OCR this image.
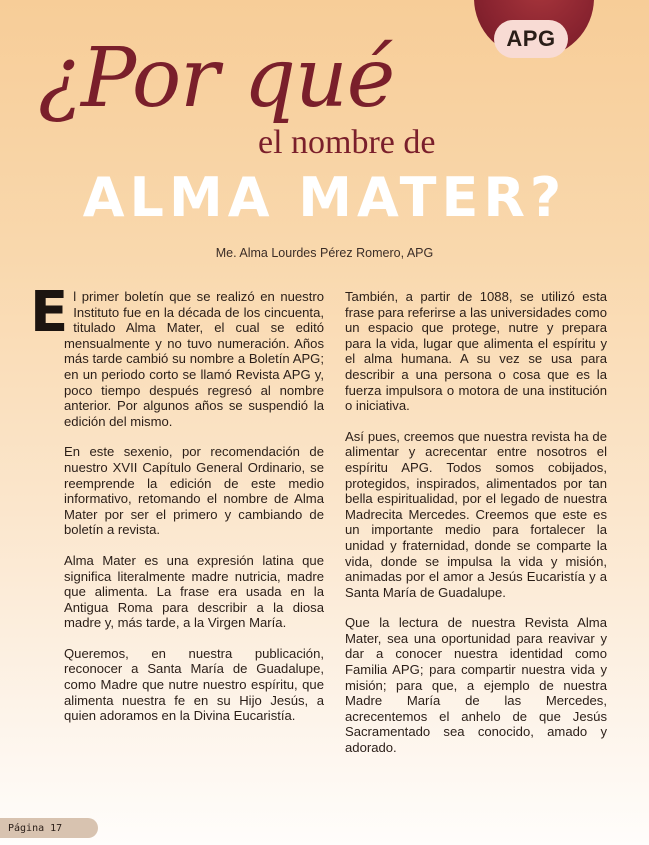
APG
¿Por qué
el nombre de
ALMA MATER?
Me. Alma Lourdes Pérez Romero, APG

El primer boletín que se realizó en nuestro Instituto fue en la década de los cincuenta, titulado Alma Mater, el cual se editó mensualmente y no tuvo numeración. Años más tarde cambió su nombre a Boletín APG; en un periodo corto se llamó Revista APG y, poco tiempo después regresó al nombre anterior. Por algunos años se suspendió la edición del mismo.

En este sexenio, por recomendación de nuestro XVII Capítulo General Ordinario, se reemprende la edición de este medio informativo, retomando el nombre de Alma Mater por ser el primero y cambiando de boletín a revista.

Alma Mater es una expresión latina que significa literalmente madre nutricia, madre que alimenta. La frase era usada en la Antigua Roma para describir a la diosa madre y, más tarde, a la Virgen María.

Queremos, en nuestra publicación, reconocer a Santa María de Guadalupe, como Madre que nutre nuestro espíritu, que alimenta nuestra fe en su Hijo Jesús, a quien adoramos en la Divina Eucaristía.

También, a partir de 1088, se utilizó esta frase para referirse a las universidades como un espacio que protege, nutre y prepara para la vida, lugar que alimenta el espíritu y el alma humana. A su vez se usa para describir a una persona o cosa que es la fuerza impulsora o motora de una institución o iniciativa.

Así pues, creemos que nuestra revista ha de alimentar y acrecentar entre nosotros el espíritu APG. Todos somos cobijados, protegidos, inspirados, alimentados por tan bella espiritualidad, por el legado de nuestra Madrecita Mercedes. Creemos que este es un importante medio para fortalecer la unidad y fraternidad, donde se comparte la vida, donde se impulsa la vida y misión, animadas por el amor a Jesús Eucaristía y a Santa María de Guadalupe.

Que la lectura de nuestra Revista Alma Mater, sea una oportunidad para reavivar y dar a conocer nuestra identidad como Familia APG; para compartir nuestra vida y misión; para que, a ejemplo de nuestra Madre María de las Mercedes, acrecentemos el anhelo de que Jesús Sacramentado sea conocido, amado y adorado.

Página 17
